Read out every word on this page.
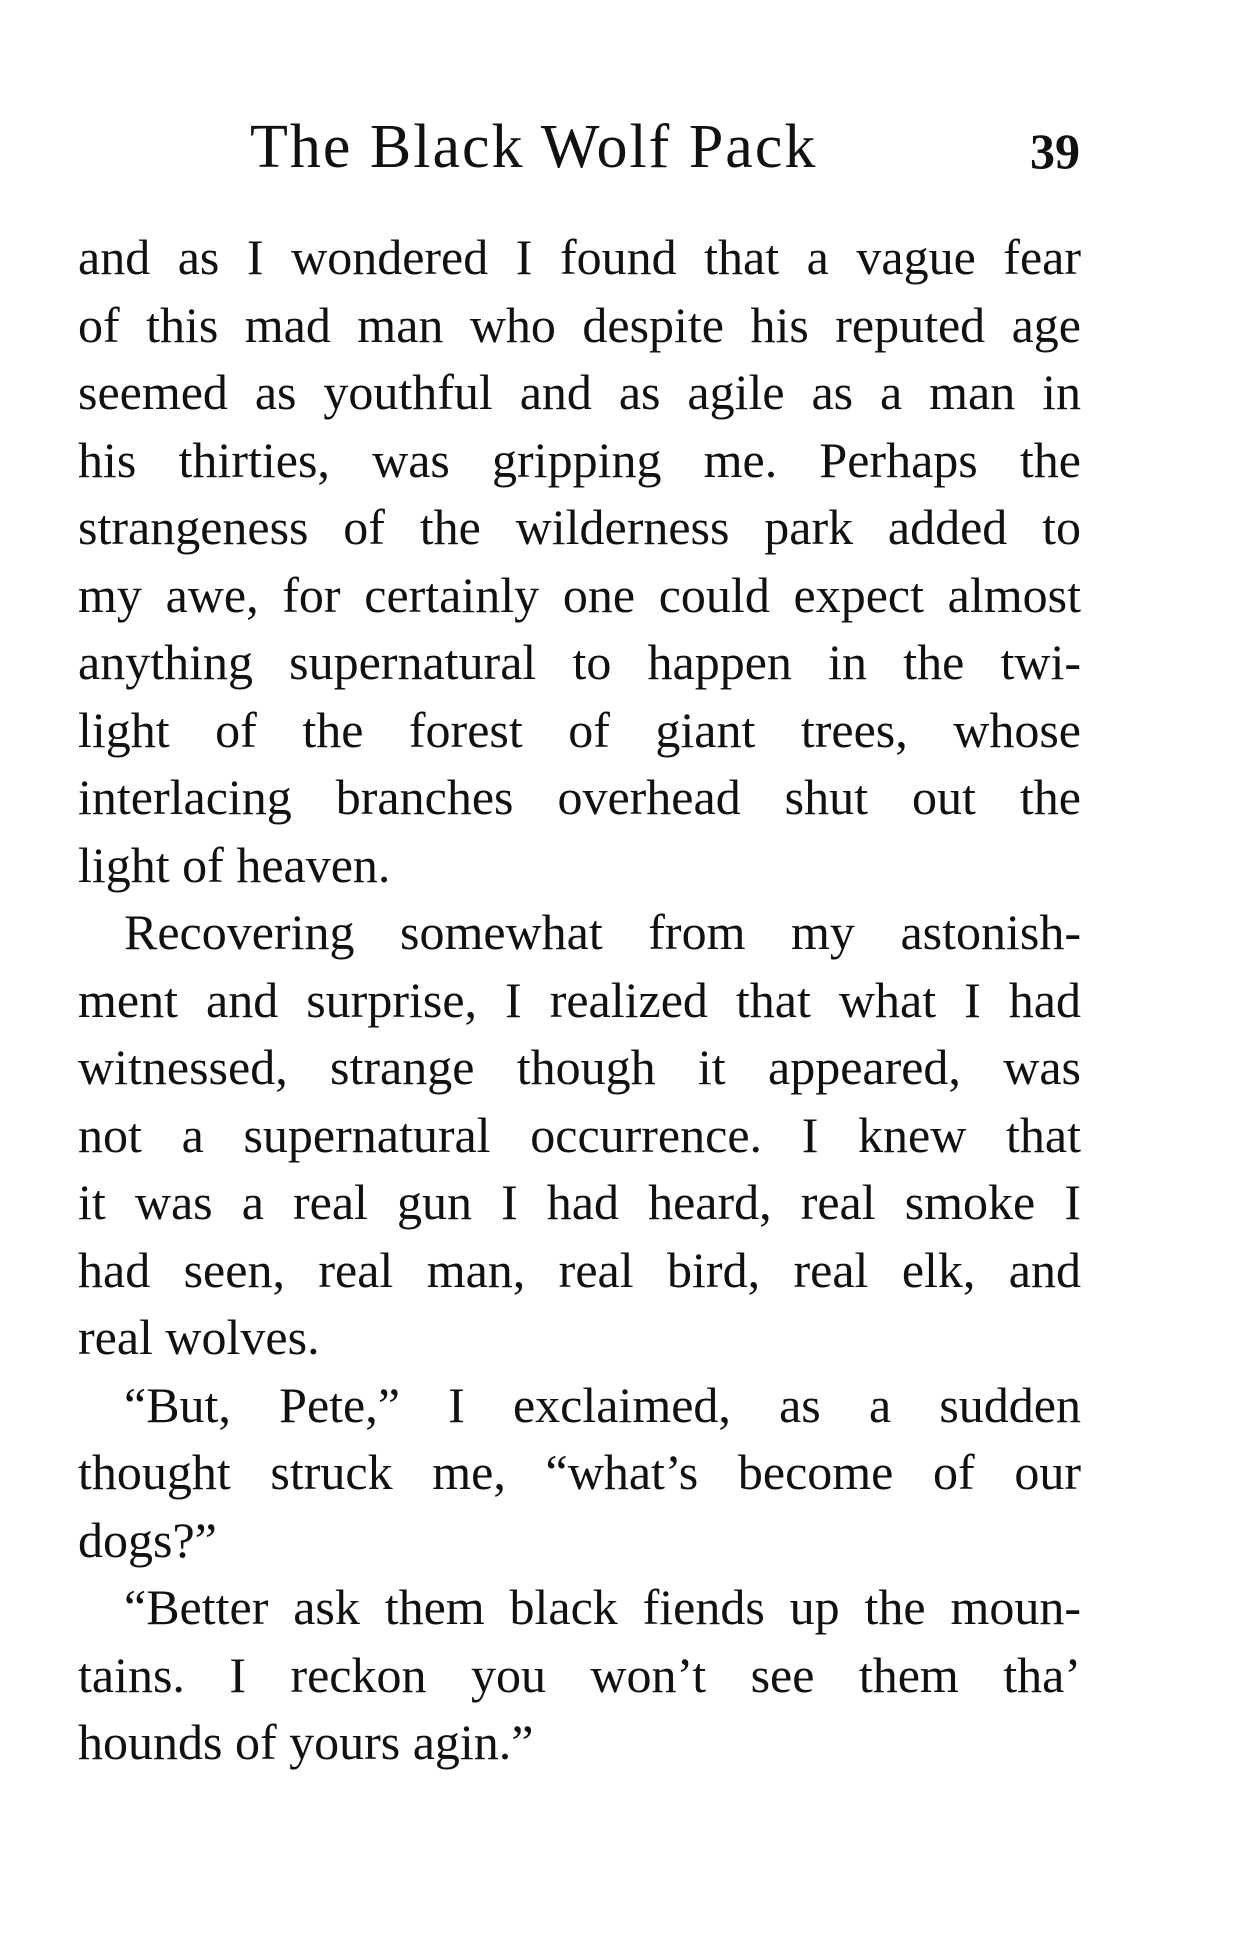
The Black Wolf Pack	39
and as I wondered I found that a vague fear
of this mad man who despite his reputed age
seemed as youthful and as agile as a man in
his thirties, was gripping me. Perhaps the
strangeness of the wilderness park added to
my awe, for certainly one could expect almost
anything supernatural to happen in the twi-
light of the forest of giant trees, whose
interlacing branches overhead shut out the
light of heaven.
Recovering somewhat from my astonish-
ment and surprise, I realized that what I had
witnessed, strange though it appeared, was
not a supernatural occurrence. I knew that
it was a real gun I had heard, real smoke I
had seen, real man, real bird, real elk, and
real wolves.
“But, Pete,” I exclaimed, as a sudden
thought struck me, “what’s become of our
dogs?”
“Better ask them black fiends up the moun-
tains. I reckon you won’t see them tha’
hounds of yours agin.”
